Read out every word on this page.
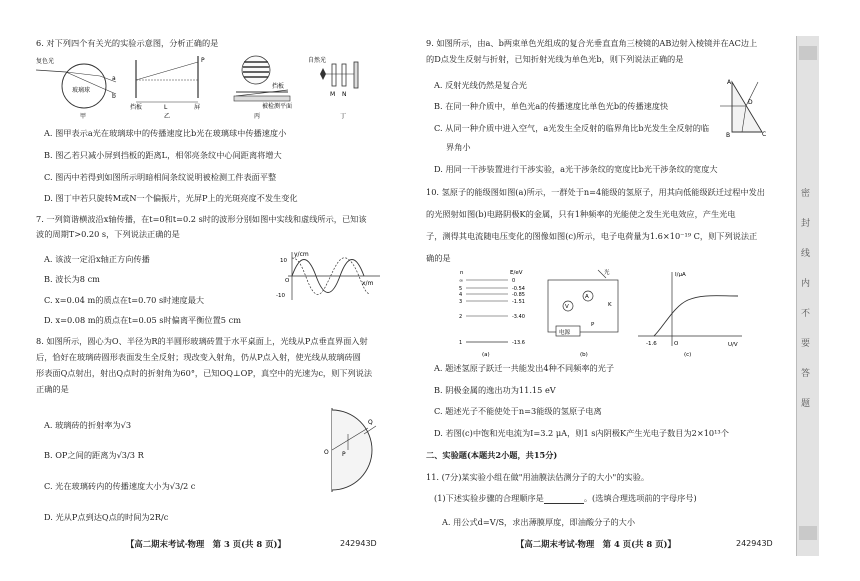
6. 对下列四个有关光的实验示意图，分析正确的是
复色光
玻璃球
a
b
甲
L
挡板	屏
P
乙
被检测平面
挡板
丙
自然光
M N
丁
A. 图甲表示a光在玻璃球中的传播速度比b光在玻璃球中传播速度小
B. 图乙若只减小屏到挡板的距离L，相邻亮条纹中心间距离将增大
C. 图丙中若得到如图所示明暗相间条纹说明被检测工件表面平整
D. 图丁中若只旋转M或N一个偏振片，光屏P上的光斑亮度不发生变化
7. 一列简谐横波沿x轴传播，在t=0和t=0.2 s时的波形分别如图中实线和虚线所示，已知该
波的周期T>0.20 s，下列说法正确的是
A. 该波一定沿x轴正方向传播
B. 波长为8 cm
C. x=0.04 m的质点在t=0.70 s时速度最大
D. x=0.08 m的质点在t=0.05 s时偏离平衡位置5 cm
y/cm
x/m
10
-10
O
8. 如图所示，圆心为O、半径为R的半圆形玻璃砖置于水平桌面上，光线从P点垂直界面入射
后，恰好在玻璃砖圆形表面发生全反射；现改变入射角，仍从P点入射，使光线从玻璃砖圆
形表面Q点射出，射出Q点时的折射角为60°，已知OQ⊥OP，真空中的光速为c，则下列说法
正确的是
A. 玻璃砖的折射率为√3
B. OP之间的距离为√3/3 R
C. 光在玻璃砖内的传播速度大小为√3/2 c
D. 光从P点到达Q点的时间为2R/c
O P
Q
【高二期末考试·物理　第 3 页(共 8 页)】	242943D
9. 如图所示，由a、b两束单色光组成的复合光垂直直角三棱镜的AB边射入棱镜并在AC边上
的D点发生反射与折射，已知折射光线为单色光b，则下列说法正确的是
A. 反射光线仍然是复合光
B. 在同一种介质中，单色光a的传播速度比单色光b的传播速度快
C. 从同一种介质中进入空气，a光发生全反射的临界角比b光发生全反射的临
界角小
D. 用同一干涉装置进行干涉实验，a光干涉条纹的宽度比b光干涉条纹的宽度大
A
B	C
D
10. 氢原子的能级图如图(a)所示，一群处于n=4能级的氢原子，用其向低能级跃迁过程中发出
的光照射如图(b)电路阴极K的金属，只有1种频率的光能使之发生光电效应，产生光电
子，测得其电流随电压变化的图像如图(c)所示，电子电荷量为1.6×10⁻¹⁹ C，则下列说法正
确的是
n	E/eV
∞	0
5	-0.54
4	-0.85
3	-1.51
2	-3.40
1	-13.6
(a)
V
A
光
电源
P
K
(b)
I/μA
U/V
-1.6	O
(c)
A. 题述氢原子跃迁一共能发出4种不同频率的光子
B. 阴极金属的逸出功为11.15 eV
C. 题述光子不能使处于n=3能级的氢原子电离
D. 若图(c)中饱和光电流为I=3.2 μA，则1 s内阴极K产生光电子数目为2×10¹³个
二、实验题(本题共2小题，共15分)
11. (7分)某实验小组在做"用油膜法估测分子的大小"的实验。
(1)下述实验步骤的合理顺序是	。(选填合理选项前的字母序号)
A. 用公式d=V/S，求出薄膜厚度，即油酸分子的大小
【高二期末考试·物理　第 4 页(共 8 页)】	242943D
密
封
线
内
不
要
答
题
